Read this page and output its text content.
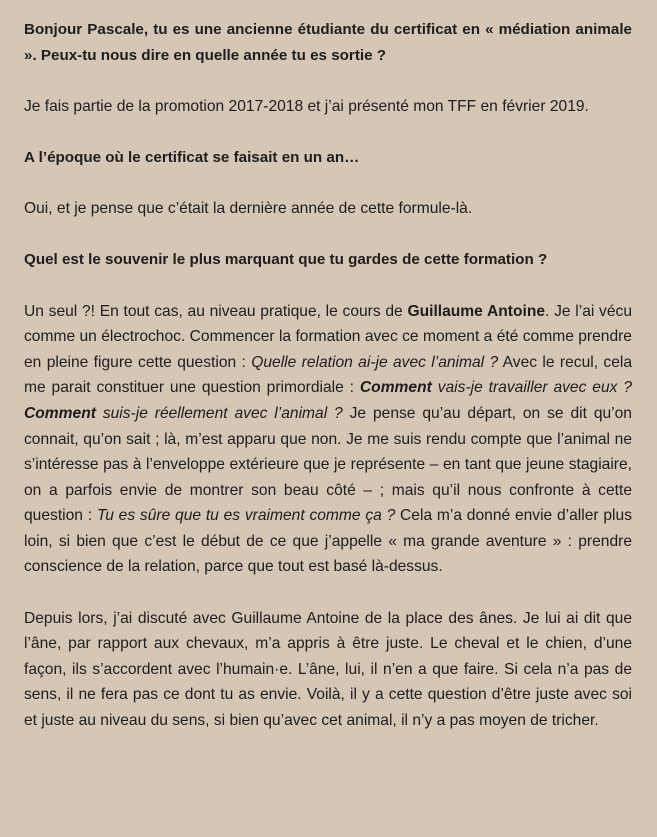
Bonjour Pascale, tu es une ancienne étudiante du certificat en « médiation animale ». Peux-tu nous dire en quelle année tu es sortie ?

Je fais partie de la promotion 2017-2018 et j’ai présenté mon TFF en février 2019.

A l’époque où le certificat se faisait en un an…

Oui, et je pense que c’était la dernière année de cette formule-là.

Quel est le souvenir le plus marquant que tu gardes de cette formation ?

Un seul ?! En tout cas, au niveau pratique, le cours de Guillaume Antoine. Je l’ai vécu comme un électrochoc. Commencer la formation avec ce moment a été comme prendre en pleine figure cette question : Quelle relation ai-je avec l’animal ? Avec le recul, cela me parait constituer une question primordiale : Comment vais-je travailler avec eux ? Comment suis-je réellement avec l’animal ? Je pense qu’au départ, on se dit qu’on connait, qu’on sait ; là, m’est apparu que non. Je me suis rendu compte que l’animal ne s’intéresse pas à l’enveloppe extérieure que je représente – en tant que jeune stagiaire, on a parfois envie de montrer son beau côté – ; mais qu’il nous confronte à cette question : Tu es sûre que tu es vraiment comme ça ? Cela m’a donné envie d’aller plus loin, si bien que c’est le début de ce que j’appelle « ma grande aventure » : prendre conscience de la relation, parce que tout est basé là-dessus.

Depuis lors, j’ai discuté avec Guillaume Antoine de la place des ânes. Je lui ai dit que l’âne, par rapport aux chevaux, m’a appris à être juste. Le cheval et le chien, d’une façon, ils s’accordent avec l’humain·e. L’âne, lui, il n’en a que faire. Si cela n’a pas de sens, il ne fera pas ce dont tu as envie. Voilà, il y a cette question d’être juste avec soi et juste au niveau du sens, si bien qu’avec cet animal, il n’y a pas moyen de tricher.
